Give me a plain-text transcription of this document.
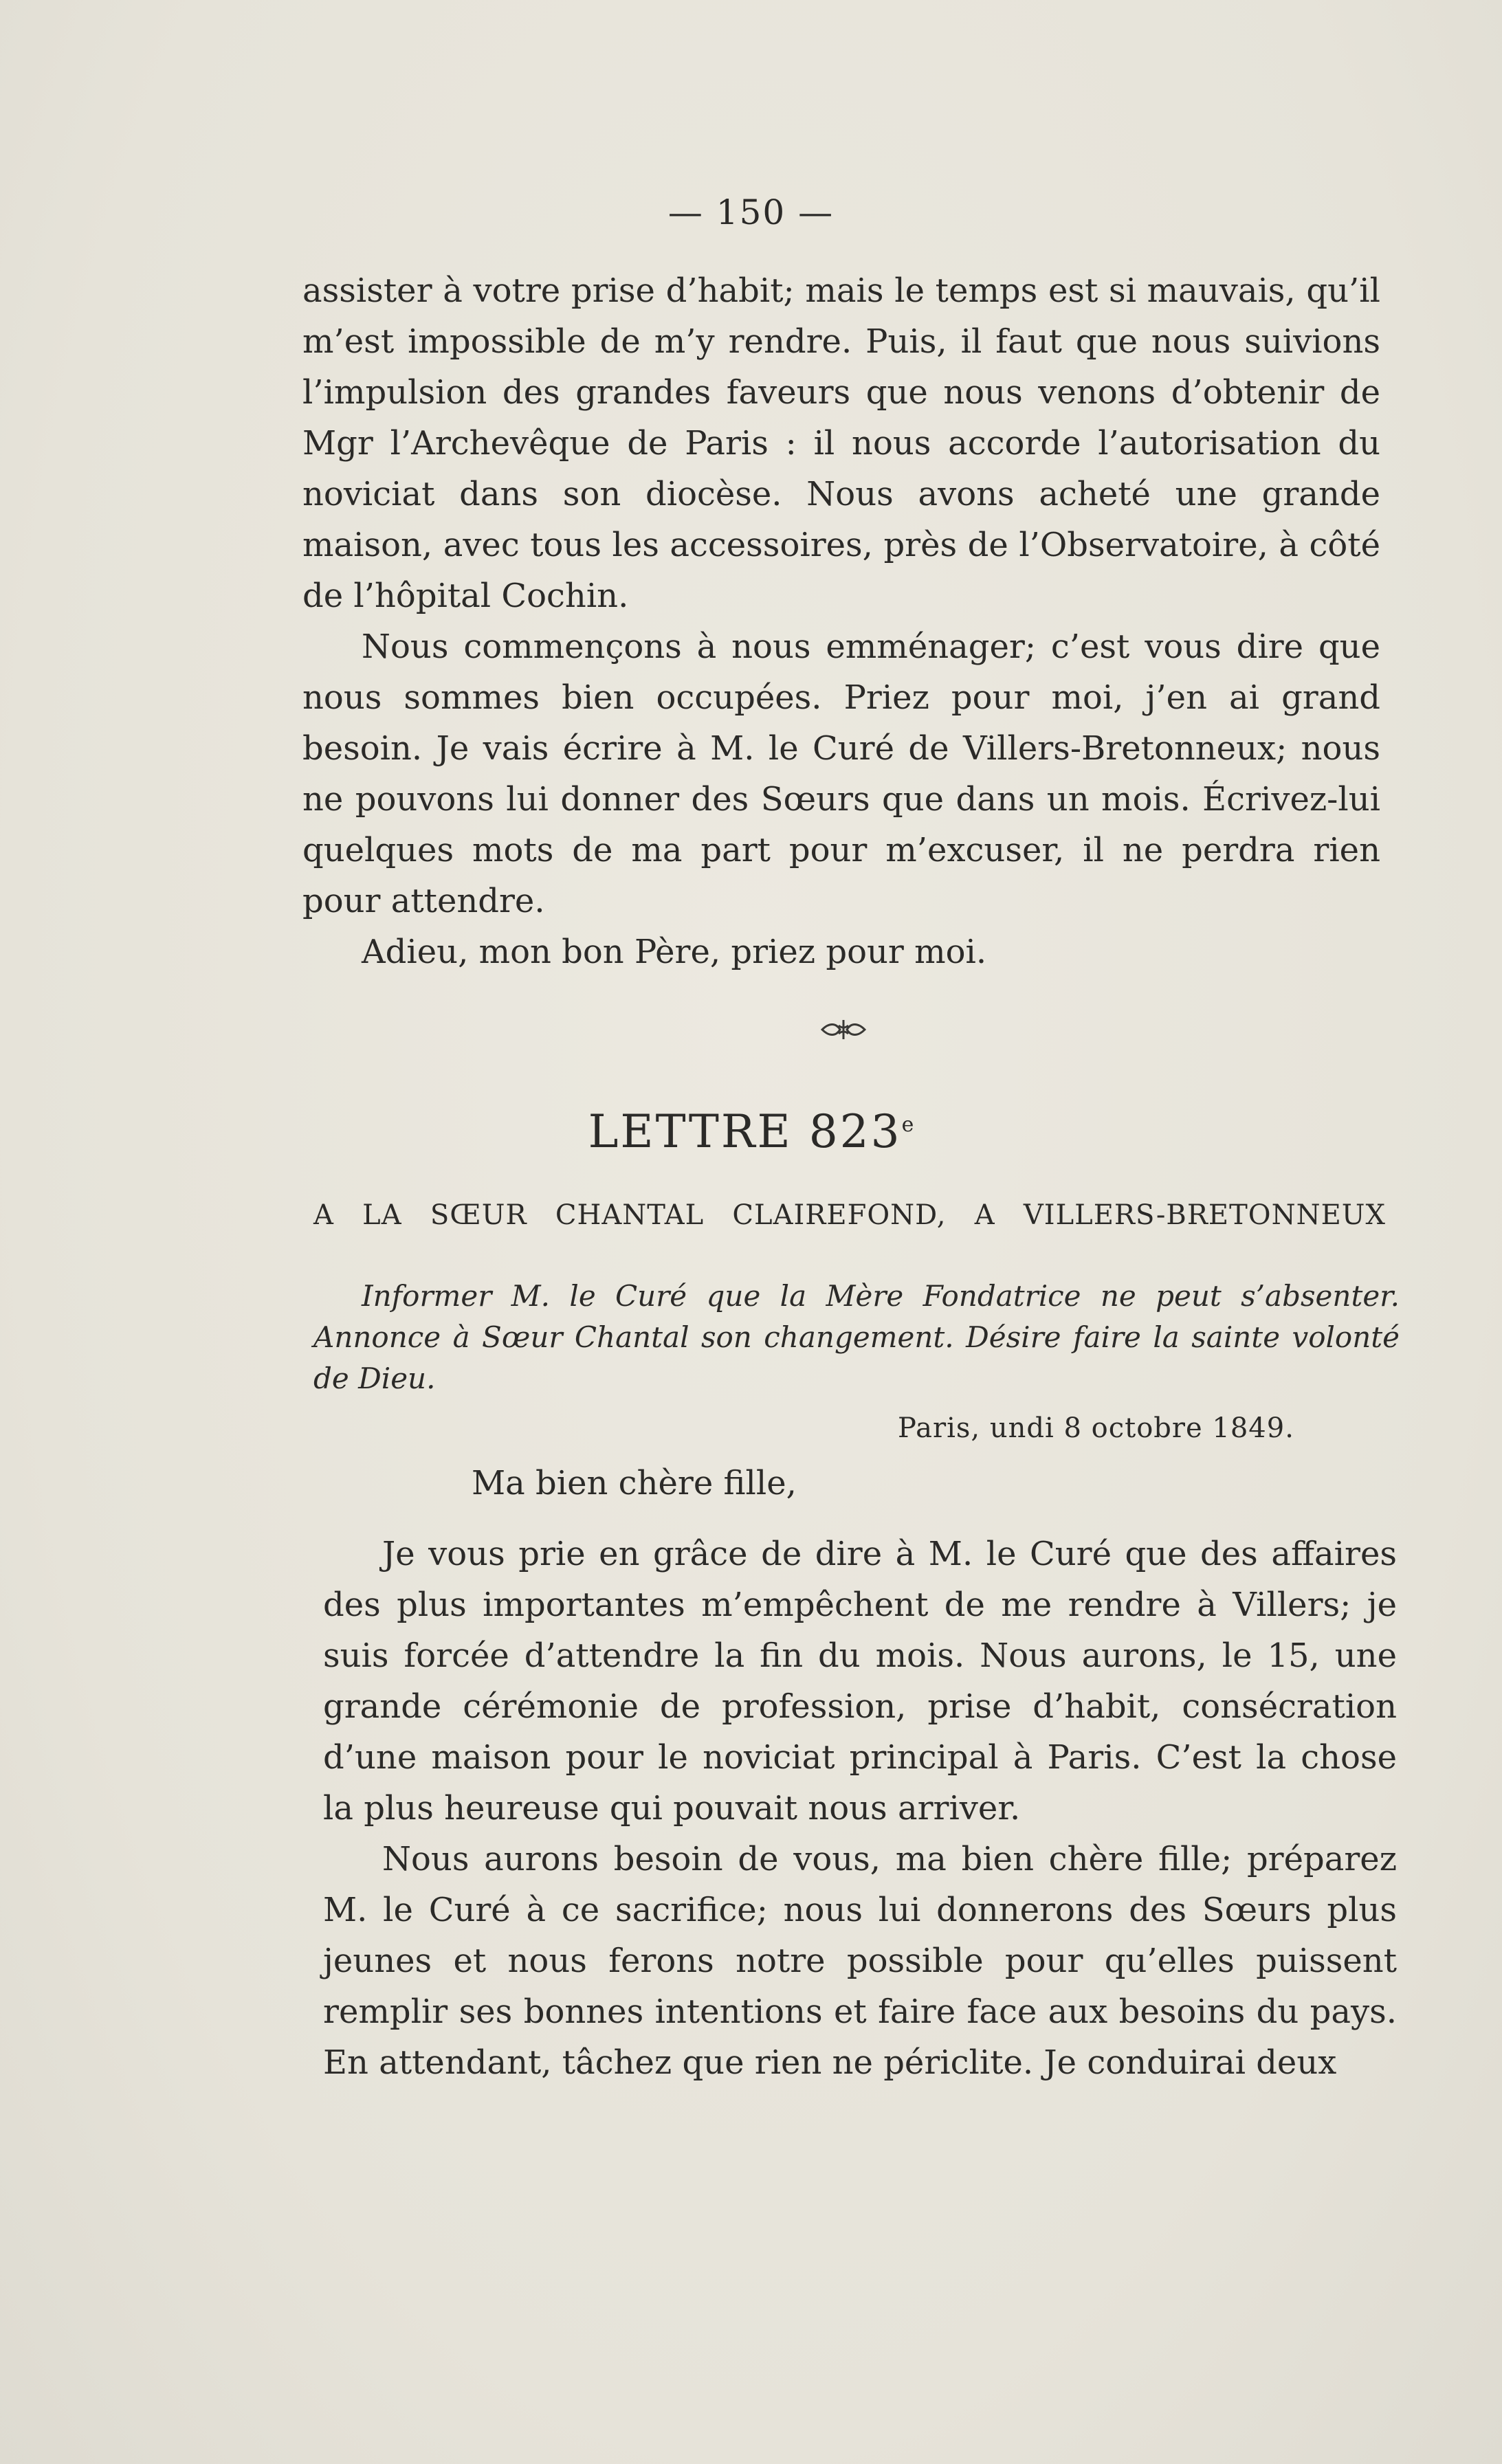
— 150 —

assister à votre prise d’habit; mais le temps est si mauvais, qu’il m’est impossible de m’y rendre. Puis, il faut que nous suivions l’impulsion des grandes faveurs que nous venons d’obtenir de Mgr l’Archevêque de Paris : il nous accorde l’autorisation du noviciat dans son diocèse. Nous avons acheté une grande maison, avec tous les accessoires, près de l’Observatoire, à côté de l’hôpital Cochin.

Nous commençons à nous emménager; c’est vous dire que nous sommes bien occupées. Priez pour moi, j’en ai grand besoin. Je vais écrire à M. le Curé de Villers-Bretonneux; nous ne pouvons lui donner des Sœurs que dans un mois. Écrivez-lui quelques mots de ma part pour m’excuser, il ne perdra rien pour attendre.

Adieu, mon bon Père, priez pour moi.

LETTRE 823e
A LA SŒUR CHANTAL CLAIREFOND, A VILLERS-BRETONNEUX

Informer M. le Curé que la Mère Fondatrice ne peut s’absenter. Annonce à Sœur Chantal son changement. Désire faire la sainte volonté de Dieu.

Paris, undi 8 octobre 1849.
Ma bien chère fille,

Je vous prie en grâce de dire à M. le Curé que des affaires des plus importantes m’empêchent de me rendre à Villers; je suis forcée d’attendre la fin du mois. Nous aurons, le 15, une grande cérémonie de profession, prise d’habit, consécration d’une maison pour le noviciat principal à Paris. C’est la chose la plus heureuse qui pouvait nous arriver.

Nous aurons besoin de vous, ma bien chère fille; préparez M. le Curé à ce sacrifice; nous lui donnerons des Sœurs plus jeunes et nous ferons notre possible pour qu’elles puissent remplir ses bonnes intentions et faire face aux besoins du pays. En attendant, tâchez que rien ne périclite. Je conduirai deux
